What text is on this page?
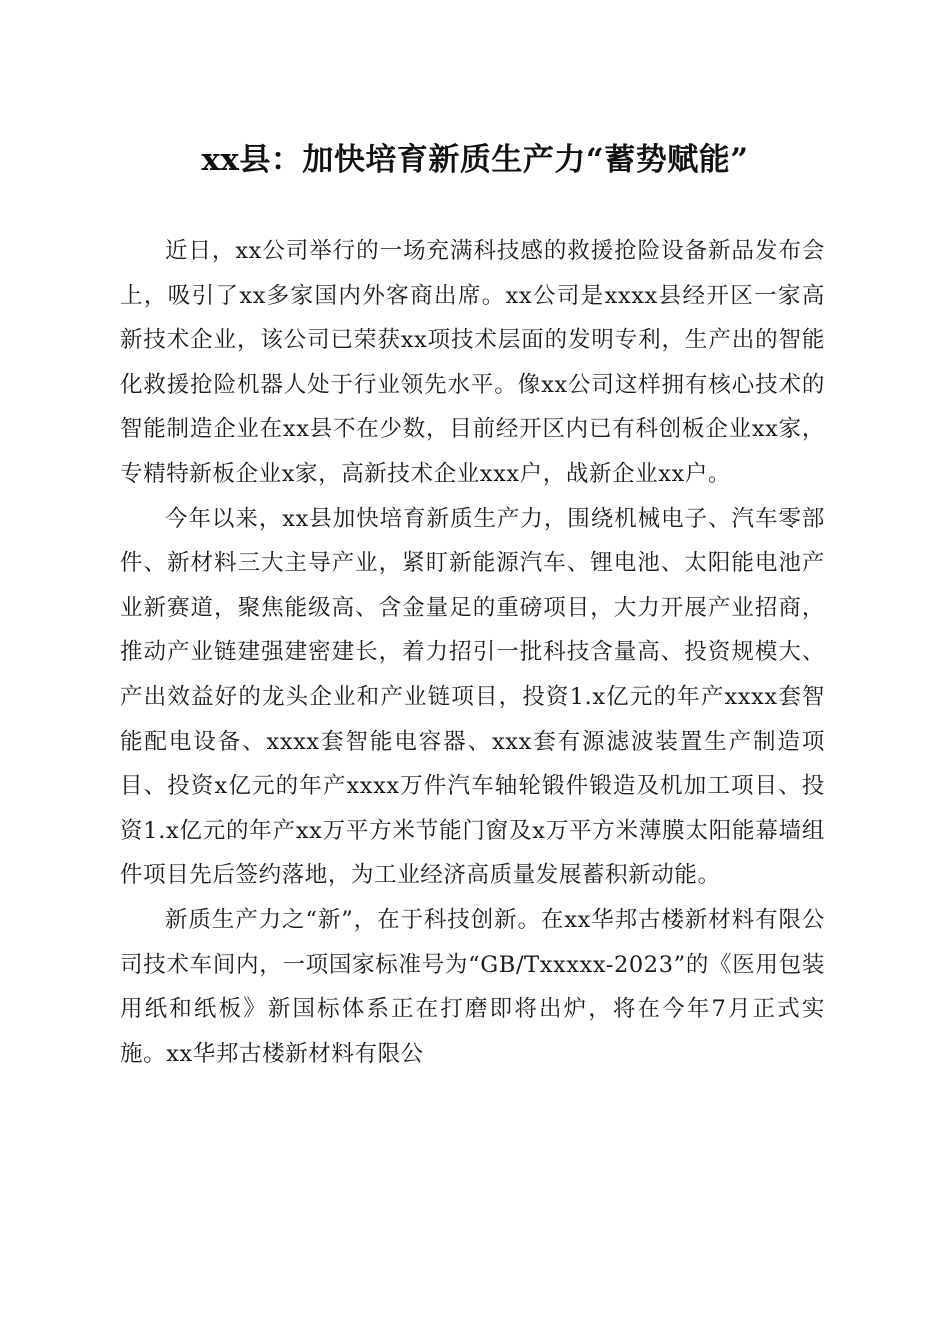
xx县：加快培育新质生产力“蓄势赋能”

近日，xx公司举行的一场充满科技感的救援抢险设备新品发布会上，吸引了xx多家国内外客商出席。xx公司是xxxx县经开区一家高新技术企业，该公司已荣获xx项技术层面的发明专利，生产出的智能化救援抢险机器人处于行业领先水平。像xx公司这样拥有核心技术的智能制造企业在xx县不在少数，目前经开区内已有科创板企业xx家，专精特新板企业x家，高新技术企业xxx户，战新企业xx户。

今年以来，xx县加快培育新质生产力，围绕机械电子、汽车零部件、新材料三大主导产业，紧盯新能源汽车、锂电池、太阳能电池产业新赛道，聚焦能级高、含金量足的重磅项目，大力开展产业招商，推动产业链建强建密建长，着力招引一批科技含量高、投资规模大、产出效益好的龙头企业和产业链项目，投资1.x亿元的年产xxxx套智能配电设备、xxxx套智能电容器、xxx套有源滤波装置生产制造项目、投资x亿元的年产xxxx万件汽车轴轮锻件锻造及机加工项目、投资1.x亿元的年产xx万平方米节能门窗及x万平方米薄膜太阳能幕墙组件项目先后签约落地，为工业经济高质量发展蓄积新动能。

新质生产力之“新”，在于科技创新。在xx华邦古楼新材料有限公司技术车间内，一项国家标准号为“GB/Txxxxx-2023”的《医用包装用纸和纸板》新国标体系正在打磨即将出炉，将在今年7月正式实施。xx华邦古楼新材料有限公
